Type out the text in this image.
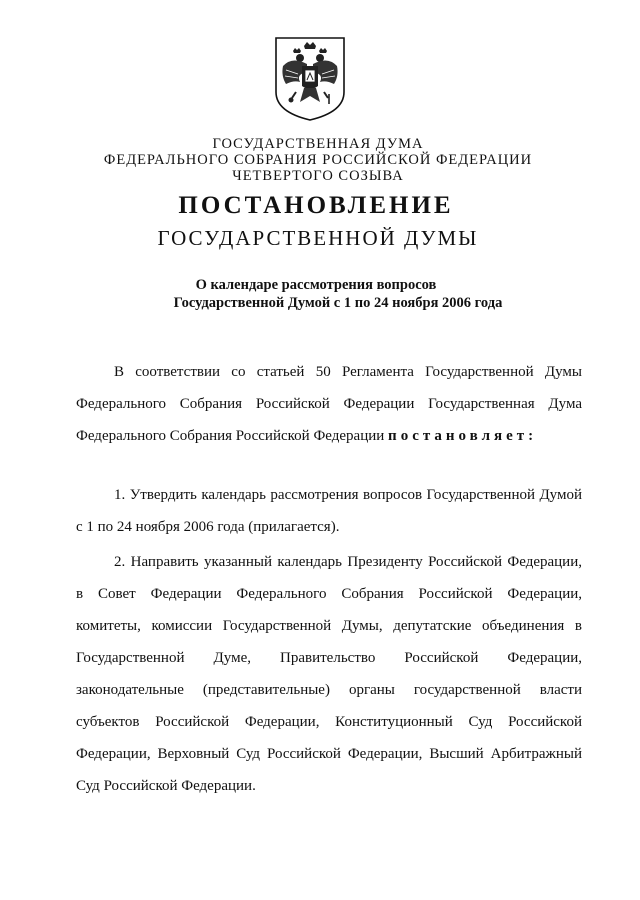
ГОСУДАРСТВЕННАЯ ДУМА
ФЕДЕРАЛЬНОГО СОБРАНИЯ РОССИЙСКОЙ ФЕДЕРАЦИИ
ЧЕТВЕРТОГО СОЗЫВА
ПОСТАНОВЛЕНИЕ
ГОСУДАРСТВЕННОЙ ДУМЫ
О календаре рассмотрения вопросов
Государственной Думой с 1 по 24 ноября 2006 года

В соответствии со статьей 50 Регламента Государственной Думы Федерального Собрания Российской Федерации Государственная Дума Федерального Собрания Российской Федерации постановляет:

1. Утвердить календарь рассмотрения вопросов Государственной Думой с 1 по 24 ноября 2006 года (прилагается).

2. Направить указанный календарь Президенту Российской Федерации, в Совет Федерации Федерального Собрания Российской Федерации, комитеты, комиссии Государственной Думы, депутатские объединения в Государственной Думе, Правительство Российской Федерации, законодательные (представительные) органы государственной власти субъектов Российской Федерации, Конституционный Суд Российской Федерации, Верховный Суд Российской Федерации, Высший Арбитражный Суд Российской Федерации.
